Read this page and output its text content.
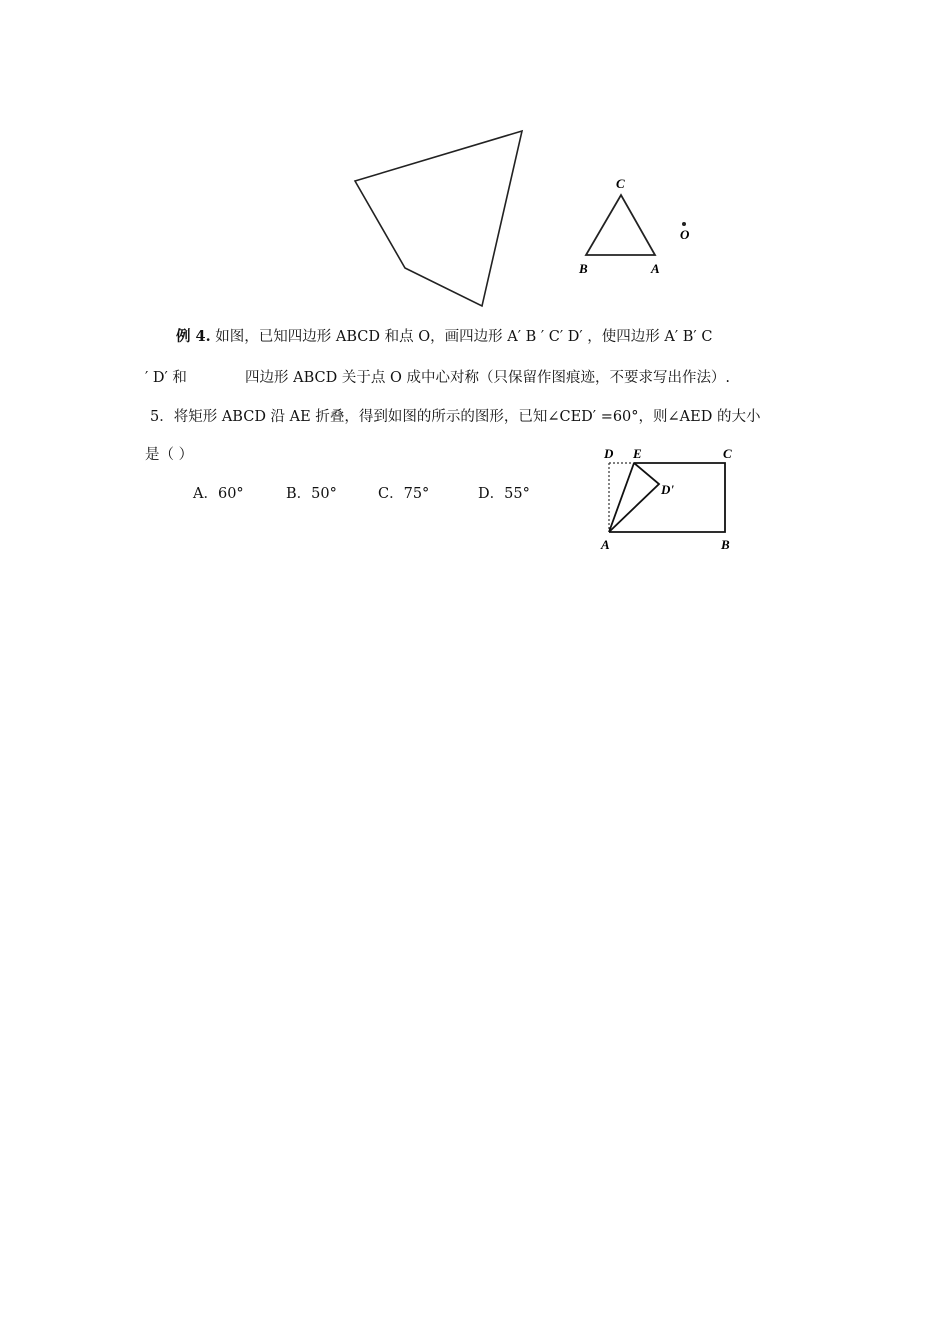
C
B	A
O
例 4. 如图，已知四边形 ABCD 和点 O，画四边形 A′ B ′ C′ D′ ，使四边形 A′ B′ C
′ D′ 和	四边形 ABCD 关于点 O 成中心对称（只保留作图痕迹，不要求写出作法）.
5．将矩形 ABCD 沿 AE 折叠，得到如图的所示的图形，已知∠CED′ =60°，则∠AED 的大小
是（ ）
A．60°	B．50°	C．75°	D．55°
D E	C
D'
A	B
